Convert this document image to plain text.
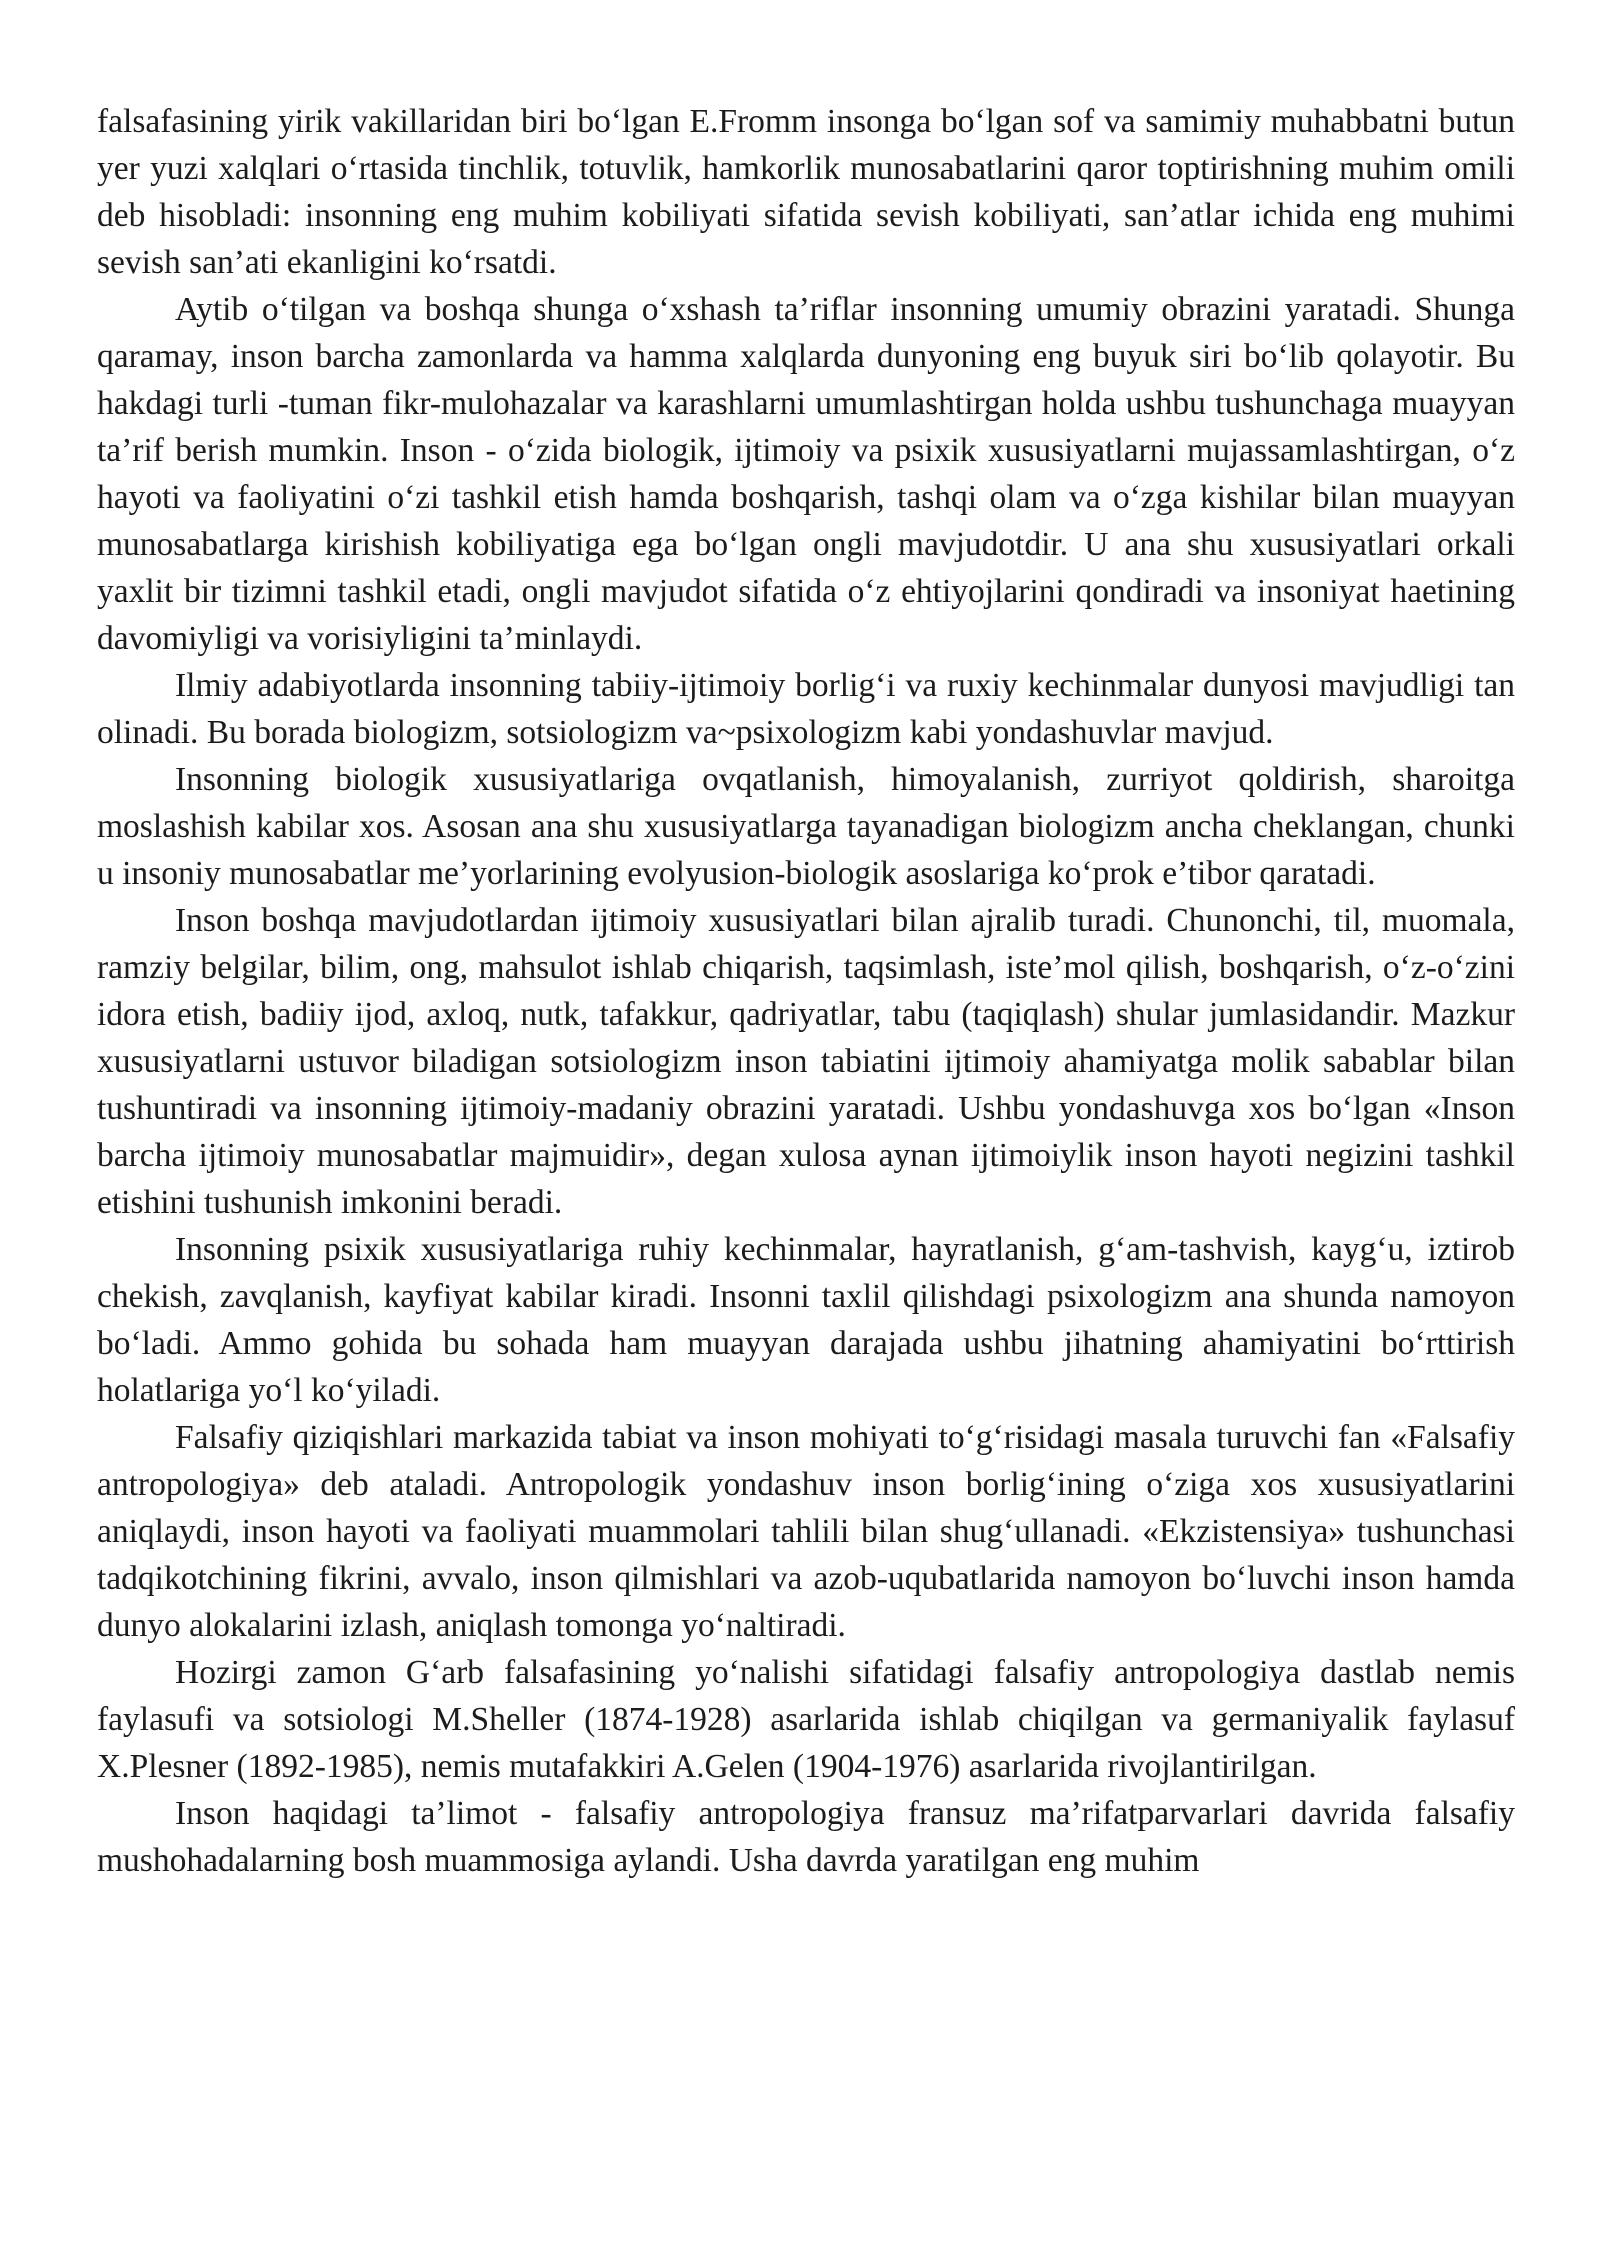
falsafasining yirik vakillaridan biri bo‘lgan E.Fromm insonga bo‘lgan sof va samimiy muhabbatni butun yer yuzi xalqlari o‘rtasida tinchlik, totuvlik, hamkorlik munosabatlarini qaror toptirishning muhim omili deb hisobladi: insonning eng muhim kobiliyati sifatida sevish kobiliyati, san’atlar ichida eng muhimi sevish san’ati ekanligini ko‘rsatdi.

Aytib o‘tilgan va boshqa shunga o‘xshash ta’riflar insonning umumiy obrazini yaratadi. Shunga qaramay, inson barcha zamonlarda va hamma xalqlarda dunyoning eng buyuk siri bo‘lib qolayotir. Bu hakdagi turli -tuman fikr-mulohazalar va karashlarni umumlashtirgan holda ushbu tushunchaga muayyan ta’rif berish mumkin. Inson - o‘zida biologik, ijtimoiy va psixik xususiyatlarni mujassamlashtirgan, o‘z hayoti va faoliyatini o‘zi tashkil etish hamda boshqarish, tashqi olam va o‘zga kishilar bilan muayyan munosabatlarga kirishish kobiliyatiga ega bo‘lgan ongli mavjudotdir. U ana shu xususiyatlari orkali yaxlit bir tizimni tashkil etadi, ongli mavjudot sifatida o‘z ehtiyojlarini qondiradi va insoniyat haetining davomiyligi va vorisiyligini ta’minlaydi.

Ilmiy adabiyotlarda insonning tabiiy-ijtimoiy borlig‘i va ruxiy kechinmalar dunyosi mavjudligi tan olinadi. Bu borada biologizm, sotsiologizm va~psixologizm kabi yondashuvlar mavjud.

Insonning biologik xususiyatlariga ovqatlanish, himoyalanish, zurriyot qoldirish, sharoitga moslashish kabilar xos. Asosan ana shu xususiyatlarga tayanadigan biologizm ancha cheklangan, chunki u insoniy munosabatlar me’yorlarining evolyusion-biologik asoslariga ko‘prok e’tibor qaratadi.

Inson boshqa mavjudotlardan ijtimoiy xususiyatlari bilan ajralib turadi. Chunonchi, til, muomala, ramziy belgilar, bilim, ong, mahsulot ishlab chiqarish, taqsimlash, iste’mol qilish, boshqarish, o‘z-o‘zini idora etish, badiiy ijod, axloq, nutk, tafakkur, qadriyatlar, tabu (taqiqlash) shular jumlasidandir. Mazkur xususiyatlarni ustuvor biladigan sotsiologizm inson tabiatini ijtimoiy ahamiyatga molik sabablar bilan tushuntiradi va insonning ijtimoiy-madaniy obrazini yaratadi. Ushbu yondashuvga xos bo‘lgan «Inson barcha ijtimoiy munosabatlar majmuidir», degan xulosa aynan ijtimoiylik inson hayoti negizini tashkil etishini tushunish imkonini beradi.

Insonning psixik xususiyatlariga ruhiy kechinmalar, hayratlanish, g‘am-tashvish, kayg‘u, iztirob chekish, zavqlanish, kayfiyat kabilar kiradi. Insonni taxlil qilishdagi psixologizm ana shunda namoyon bo‘ladi. Ammo gohida bu sohada ham muayyan darajada ushbu jihatning ahamiyatini bo‘rttirish holatlariga yo‘l ko‘yiladi.

Falsafiy qiziqishlari markazida tabiat va inson mohiyati to‘g‘risidagi masala turuvchi fan «Falsafiy antropologiya» deb ataladi. Antropologik yondashuv inson borlig‘ining o‘ziga xos xususiyatlarini aniqlaydi, inson hayoti va faoliyati muammolari tahlili bilan shug‘ullanadi. «Ekzistensiya» tushunchasi tadqikotchining fikrini, avvalo, inson qilmishlari va azob-uqubatlarida namoyon bo‘luvchi inson hamda dunyo alokalarini izlash, aniqlash tomonga yo‘naltiradi.

Hozirgi zamon G‘arb falsafasining yo‘nalishi sifatidagi falsafiy antropologiya dastlab nemis faylasufi va sotsiologi M.Sheller (1874-1928) asarlarida ishlab chiqilgan va germaniyalik faylasuf X.Plesner (1892-1985), nemis mutafakkiri A.Gelen (1904-1976) asarlarida rivojlantirilgan.

Inson haqidagi ta’limot - falsafiy antropologiya fransuz ma’rifatparvarlari davrida falsafiy mushohadalarning bosh muammosiga aylandi. Usha davrda yaratilgan eng muhim
